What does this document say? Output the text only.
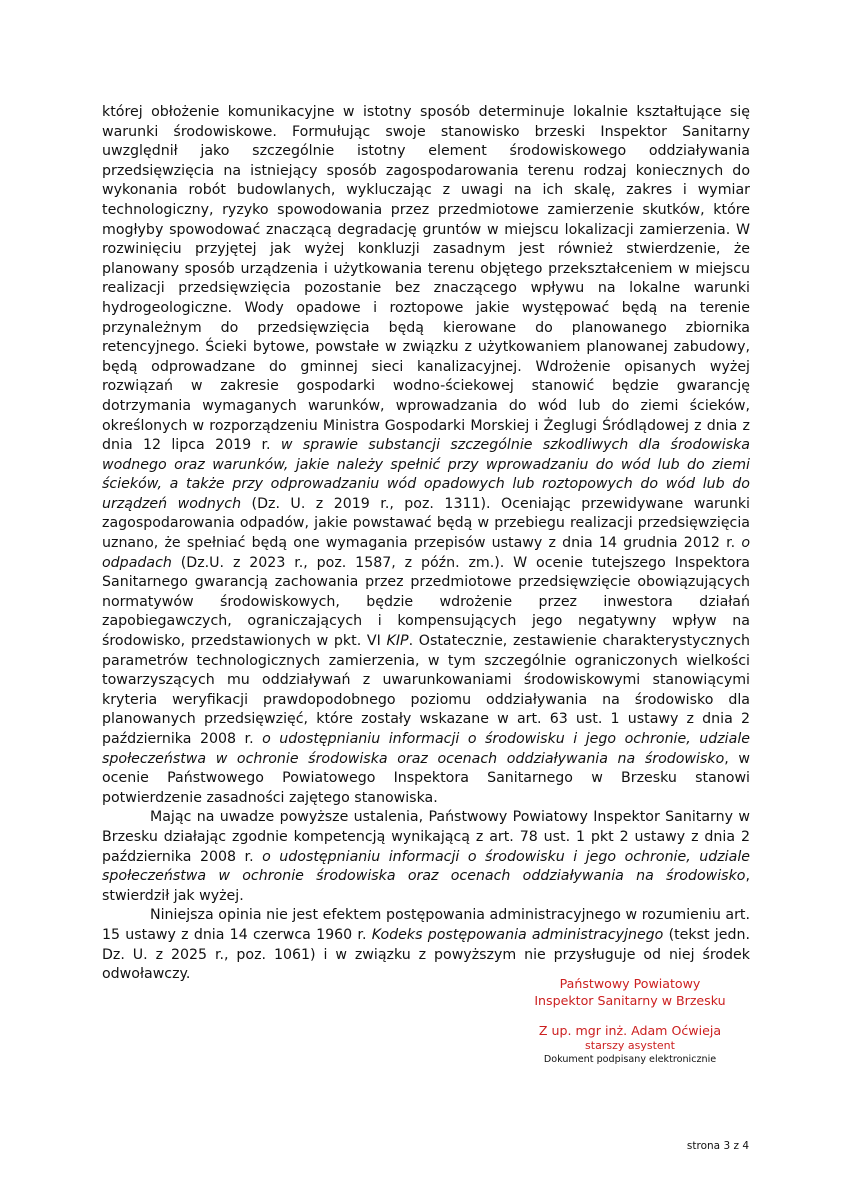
której obłożenie komunikacyjne w istotny sposób determinuje lokalnie kształtujące się warunki środowiskowe. Formułując swoje stanowisko brzeski Inspektor Sanitarny uwzględnił jako szczególnie istotny element środowiskowego oddziaływania przedsięwzięcia na istniejący sposób zagospodarowania terenu rodzaj koniecznych do wykonania robót budowlanych, wykluczając z uwagi na ich skalę, zakres i wymiar technologiczny, ryzyko spowodowania przez przedmiotowe zamierzenie skutków, które mogłyby spowodować znaczącą degradację gruntów w miejscu lokalizacji zamierzenia. W rozwinięciu przyjętej jak wyżej konkluzji zasadnym jest również stwierdzenie, że planowany sposób urządzenia i użytkowania terenu objętego przekształceniem w miejscu realizacji przedsięwzięcia pozostanie bez znaczącego wpływu na lokalne warunki hydrogeologiczne. Wody opadowe i roztopowe jakie występować będą na terenie przynależnym do przedsięwzięcia będą kierowane do planowanego zbiornika retencyjnego. Ścieki bytowe, powstałe w związku z użytkowaniem planowanej zabudowy, będą odprowadzane do gminnej sieci kanalizacyjnej. Wdrożenie opisanych wyżej rozwiązań w zakresie gospodarki wodno-ściekowej stanowić będzie gwarancję dotrzymania wymaganych warunków, wprowadzania do wód lub do ziemi ścieków, określonych w rozporządzeniu Ministra Gospodarki Morskiej i Żeglugi Śródlądowej z dnia z dnia 12 lipca 2019 r. w sprawie substancji szczególnie szkodliwych dla środowiska wodnego oraz warunków, jakie należy spełnić przy wprowadzaniu do wód lub do ziemi ścieków, a także przy odprowadzaniu wód opadowych lub roztopowych do wód lub do urządzeń wodnych (Dz. U. z 2019 r., poz. 1311). Oceniając przewidywane warunki zagospodarowania odpadów, jakie powstawać będą w przebiegu realizacji przedsięwzięcia uznano, że spełniać będą one wymagania przepisów ustawy z dnia 14 grudnia 2012 r. o odpadach (Dz.U. z 2023 r., poz. 1587, z późn. zm.). W ocenie tutejszego Inspektora Sanitarnego gwarancją zachowania przez przedmiotowe przedsięwzięcie obowiązujących normatywów środowiskowych, będzie wdrożenie przez inwestora działań zapobiegawczych, ograniczających i kompensujących jego negatywny wpływ na środowisko, przedstawionych w pkt. VI KIP. Ostatecznie, zestawienie charakterystycznych parametrów technologicznych zamierzenia, w tym szczególnie ograniczonych wielkości towarzyszących mu oddziaływań z uwarunkowaniami środowiskowymi stanowiącymi kryteria weryfikacji prawdopodobnego poziomu oddziaływania na środowisko dla planowanych przedsięwzięć, które zostały wskazane w art. 63 ust. 1 ustawy z dnia 2 października 2008 r. o udostępnianiu informacji o środowisku i jego ochronie, udziale społeczeństwa w ochronie środowiska oraz ocenach oddziaływania na środowisko, w ocenie Państwowego Powiatowego Inspektora Sanitarnego w Brzesku stanowi potwierdzenie zasadności zajętego stanowiska.

Mając na uwadze powyższe ustalenia, Państwowy Powiatowy Inspektor Sanitarny w Brzesku działając zgodnie kompetencją wynikającą z art. 78 ust. 1 pkt 2 ustawy z dnia 2 października 2008 r. o udostępnianiu informacji o środowisku i jego ochronie, udziale społeczeństwa w ochronie środowiska oraz ocenach oddziaływania na środowisko, stwierdził jak wyżej.

Niniejsza opinia nie jest efektem postępowania administracyjnego w rozumieniu art. 15 ustawy z dnia 14 czerwca 1960 r. Kodeks postępowania administracyjnego (tekst jedn. Dz. U. z 2025 r., poz. 1061) i w związku z powyższym nie przysługuje od niej środek odwoławczy.

Państwowy Powiatowy
Inspektor Sanitarny w Brzesku
Z up. mgr inż. Adam Oćwieja
starszy asystent
Dokument podpisany elektronicznie
strona 3 z 4
